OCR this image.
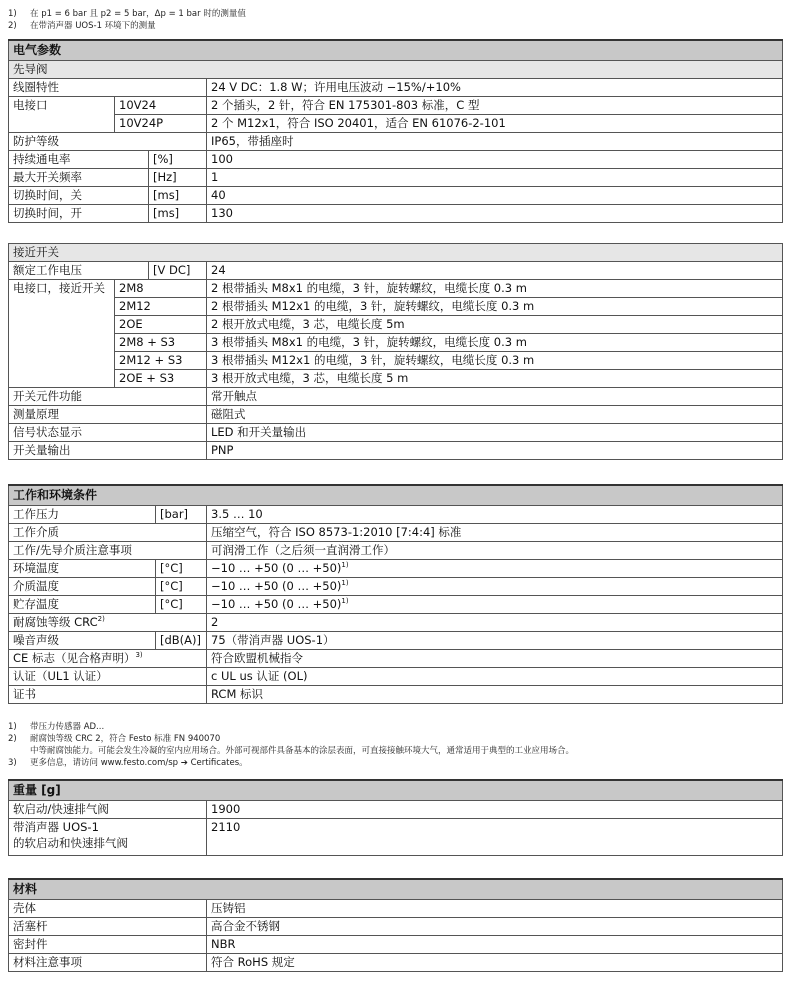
1)	在 p1 = 6 bar 且 p2 = 5 bar，Δp = 1 bar 时的测量值
2)	在带消声器 UOS-1 环境下的测量
电气参数			
先导阀			
线圈特性			24 V DC：1.8 W；许用电压波动 −15%/+10%
电接口	10V24		2 个插头，2 针，符合 EN 175301-803 标准，C 型
	10V24P		2 个 M12x1，符合 ISO 20401，适合 EN 61076-2-101
防护等级			IP65，带插座时
持续通电率		[%]	100
最大开关频率		[Hz]	1
切换时间，关		[ms]	40
切换时间，开		[ms]	130

接近开关			
额定工作电压		[V DC]	24
电接口，接近开关	2M8		2 根带插头 M8x1 的电缆，3 针，旋转螺纹，电缆长度 0.3 m
	2M12		2 根带插头 M12x1 的电缆，3 针，旋转螺纹，电缆长度 0.3 m
	2OE		2 根开放式电缆，3 芯，电缆长度 5m
	2M8 + S3		3 根带插头 M8x1 的电缆，3 针，旋转螺纹，电缆长度 0.3 m
	2M12 + S3		3 根带插头 M12x1 的电缆，3 针，旋转螺纹，电缆长度 0.3 m
	2OE + S3		3 根开放式电缆，3 芯，电缆长度 5 m
开关元件功能			常开触点
测量原理			磁阻式
信号状态显示			LED 和开关量输出
开关量输出			PNP
工作和环境条件		
工作压力	[bar]	3.5 … 10
工作介质		压缩空气，符合 ISO 8573-1:2010 [7:4:4] 标准
工作/先导介质注意事项		可润滑工作（之后须一直润滑工作）
环境温度	[°C]	−10 … +50 (0 … +50)$^{1)}$
介质温度	[°C]	−10 … +50 (0 … +50)$^{1)}$
贮存温度	[°C]	−10 … +50 (0 … +50)$^{1)}$
耐腐蚀等级 CRC$^{2)}$		2
噪音声级	[dB(A)]	75（带消声器 UOS-1）
CE 标志（见合格声明）$^{3)}$		符合欧盟机械指令
认证（UL1 认证）		c UL us 认证 (OL)
证书		RCM 标识
1)	带压力传感器 AD...
2)	耐腐蚀等级 CRC 2，符合 Festo 标准 FN 940070
中等耐腐蚀能力。可能会发生冷凝的室内应用场合。外部可视部件具备基本的涂层表面，可直接接触环境大气，通常适用于典型的工业应用场合。
3)	更多信息，请访问 www.festo.com/sp ➔ Certificates。
重量 [g]	
软启动/快速排气阀	1900

带消声器 UOS-1
的软启动和快速排气阀	2110
材料	
壳体	压铸铝
活塞杆	高合金不锈钢
密封件	NBR
材料注意事项	符合 RoHS 规定
